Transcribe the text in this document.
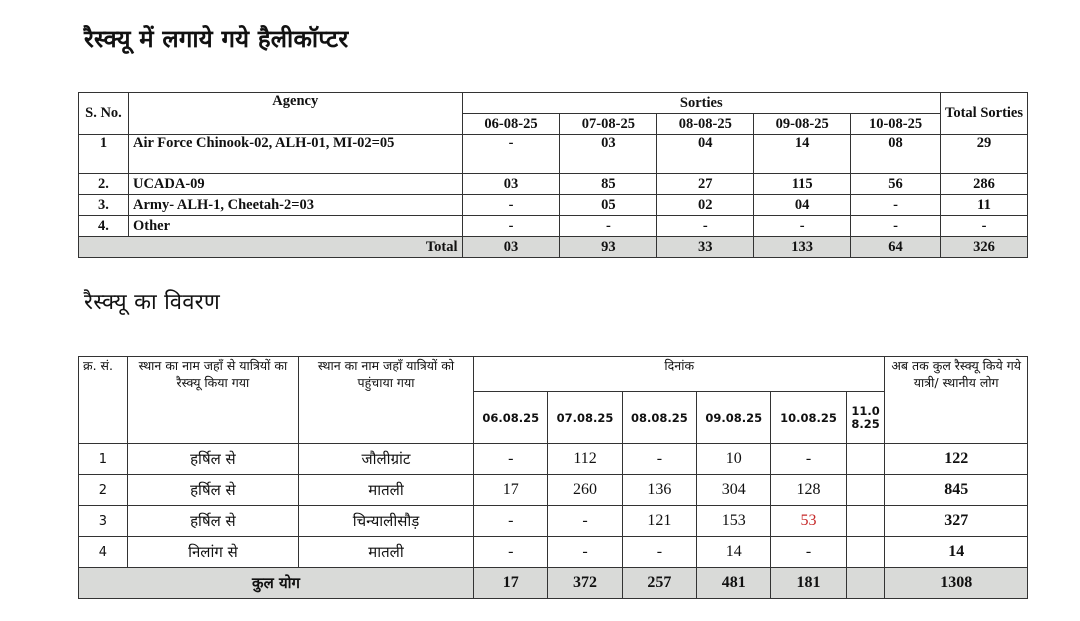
रैस्क्यू में लगाये गये हैलीकॉप्टर
S. No.	Agency	Sorties					Total Sorties
		06-08-25	07-08-25	08-08-25	09-08-25	10-08-25	
1	Air Force Chinook-02, ALH-01, MI-02=05	-	03	04	14	08	29
2.	UCADA-09	03	85	27	115	56	286
3.	Army- ALH-1, Cheetah-2=03	-	05	02	04	-	11
4.	Other	-	-	-	-	-	-
Total		03	93	33	133	64	326
रैस्क्यू का विवरण
क्र. सं.	स्थान का नाम जहाँ से यात्रियों का रैस्क्यू किया गया	स्थान का नाम जहाँ यात्रियों को पहुंचाया गया	दिनांक						अब तक कुल रैस्क्यू किये गये यात्री/ स्थानीय लोग
			06.08.25	07.08.25	08.08.25	09.08.25	10.08.25	11.08.25	
1	हर्षिल से	जौलीग्रांट	-	112	-	10	-		122
2	हर्षिल से	मातली	17	260	136	304	128		845
3	हर्षिल से	चिन्यालीसौड़	-	-	121	153	53		327
4	निलांग से	मातली	-	-	-	14	-		14
कुल योग			17	372	257	481	181		1308
